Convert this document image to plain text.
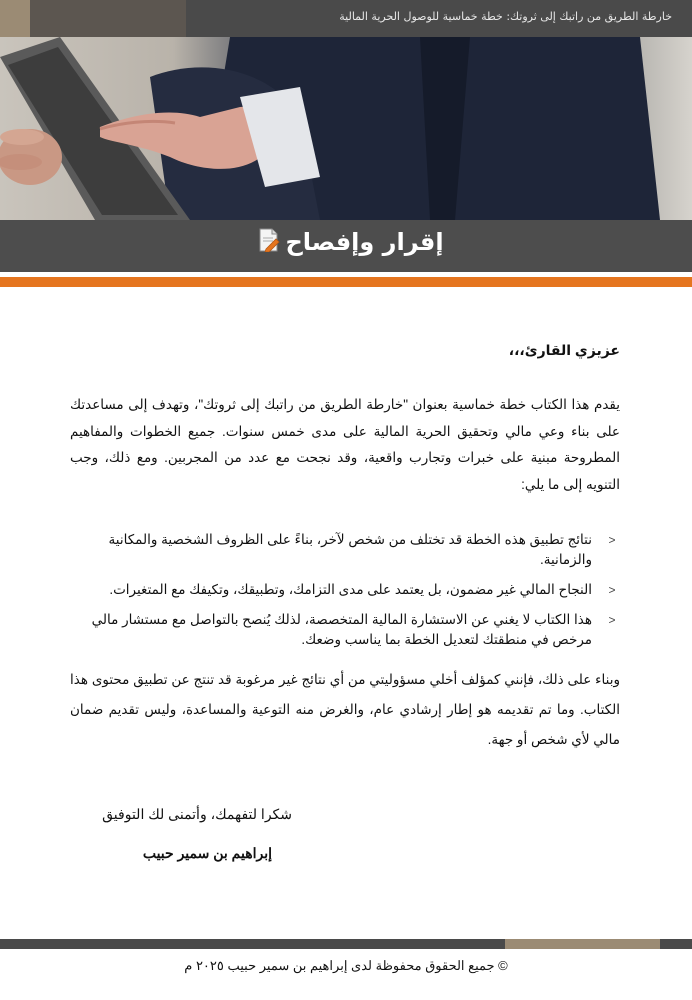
خارطة الطريق من راتبك إلى ثروتك: خطة خماسية للوصول الحرية المالية
إقرار وإفصاح
عزيزي القارئ،،،
يقدم هذا الكتاب خطة خماسية بعنوان "خارطة الطريق من راتبك إلى ثروتك"، وتهدف إلى مساعدتك على بناء وعي مالي وتحقيق الحرية المالية على مدى خمس سنوات. جميع الخطوات والمفاهيم المطروحة مبنية على خبرات وتجارب واقعية، وقد نجحت مع عدد من المجربين. ومع ذلك، وجب التنويه إلى ما يلي:
<
نتائج تطبيق هذه الخطة قد تختلف من شخص لآخر، بناءً على الظروف الشخصية والمكانية والزمانية.
<
النجاح المالي غير مضمون، بل يعتمد على مدى التزامك، وتطبيقك، وتكيفك مع المتغيرات.
<
هذا الكتاب لا يغني عن الاستشارة المالية المتخصصة، لذلك يُنصح بالتواصل مع مستشار مالي مرخص في منطقتك لتعديل الخطة بما يناسب وضعك.
وبناء على ذلك، فإنني كمؤلف أخلي مسؤوليتي من أي نتائج غير مرغوبة قد تنتج عن تطبيق محتوى هذا الكتاب. وما تم تقديمه هو إطار إرشادي عام، والغرض منه التوعية والمساعدة، وليس تقديم ضمان مالي لأي شخص أو جهة.
شكرا لتفهمك، وأتمنى لك التوفيق
إبراهيم بن سمير حبيب
© جميع الحقوق محفوظة لدى إبراهيم بن سمير حبيب ٢٠٢٥ م
